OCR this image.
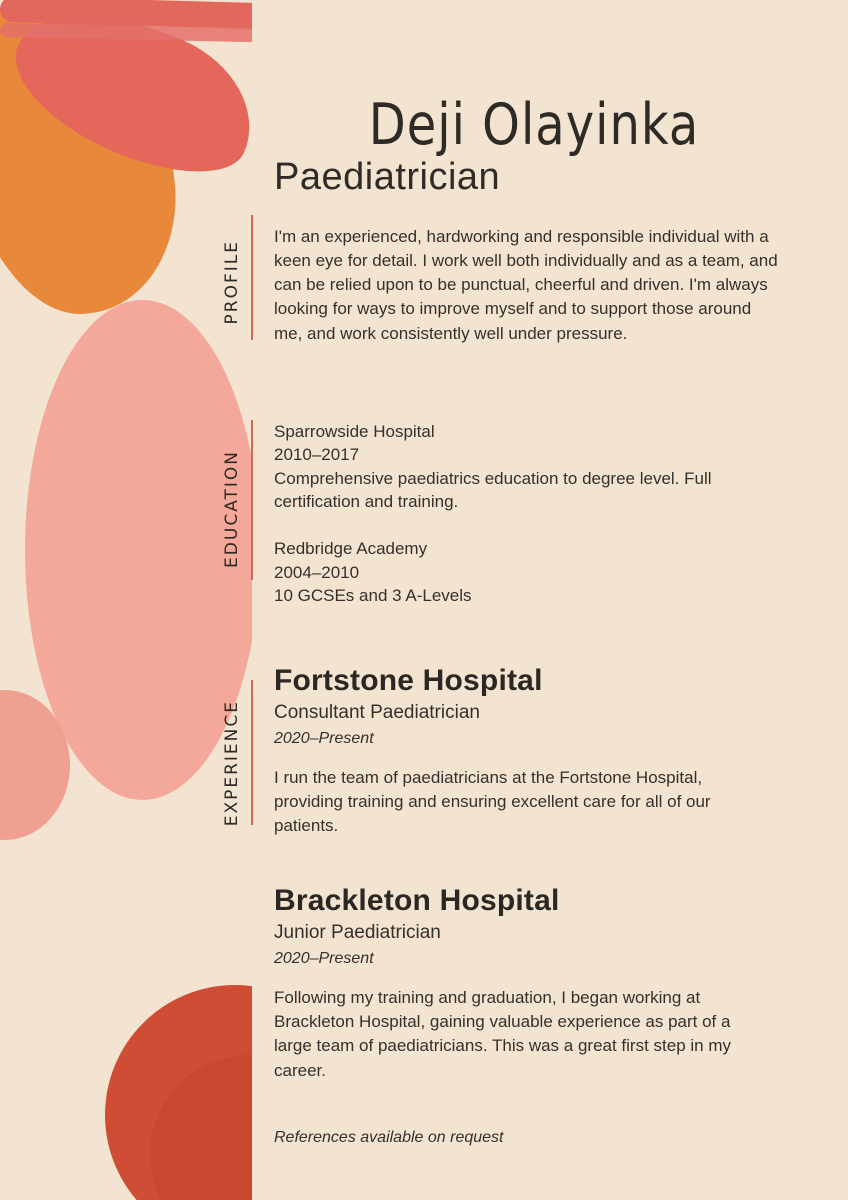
PROFILE
EDUCATION
EXPERIENCE
Deji Olayinka
Paediatrician

I'm an experienced, hardworking and responsible individual with a keen eye for detail. I work well both individually and as a team, and can be relied upon to be punctual, cheerful and driven. I'm always looking for ways to improve myself and to support those around me, and work consistently well under pressure.

Sparrowside Hospital

2010–2017

Comprehensive paediatrics education to degree level. Full certification and training.

Redbridge Academy

2004–2010

10 GCSEs and 3 A-Levels

Fortstone Hospital

Consultant Paediatrician

2020–Present

I run the team of paediatricians at the Fortstone Hospital, providing training and ensuring excellent care for all of our patients.

Brackleton Hospital

Junior Paediatrician

2020–Present

Following my training and graduation, I began working at Brackleton Hospital, gaining valuable experience as part of a large team of paediatricians. This was a great first step in my career.

References available on request
